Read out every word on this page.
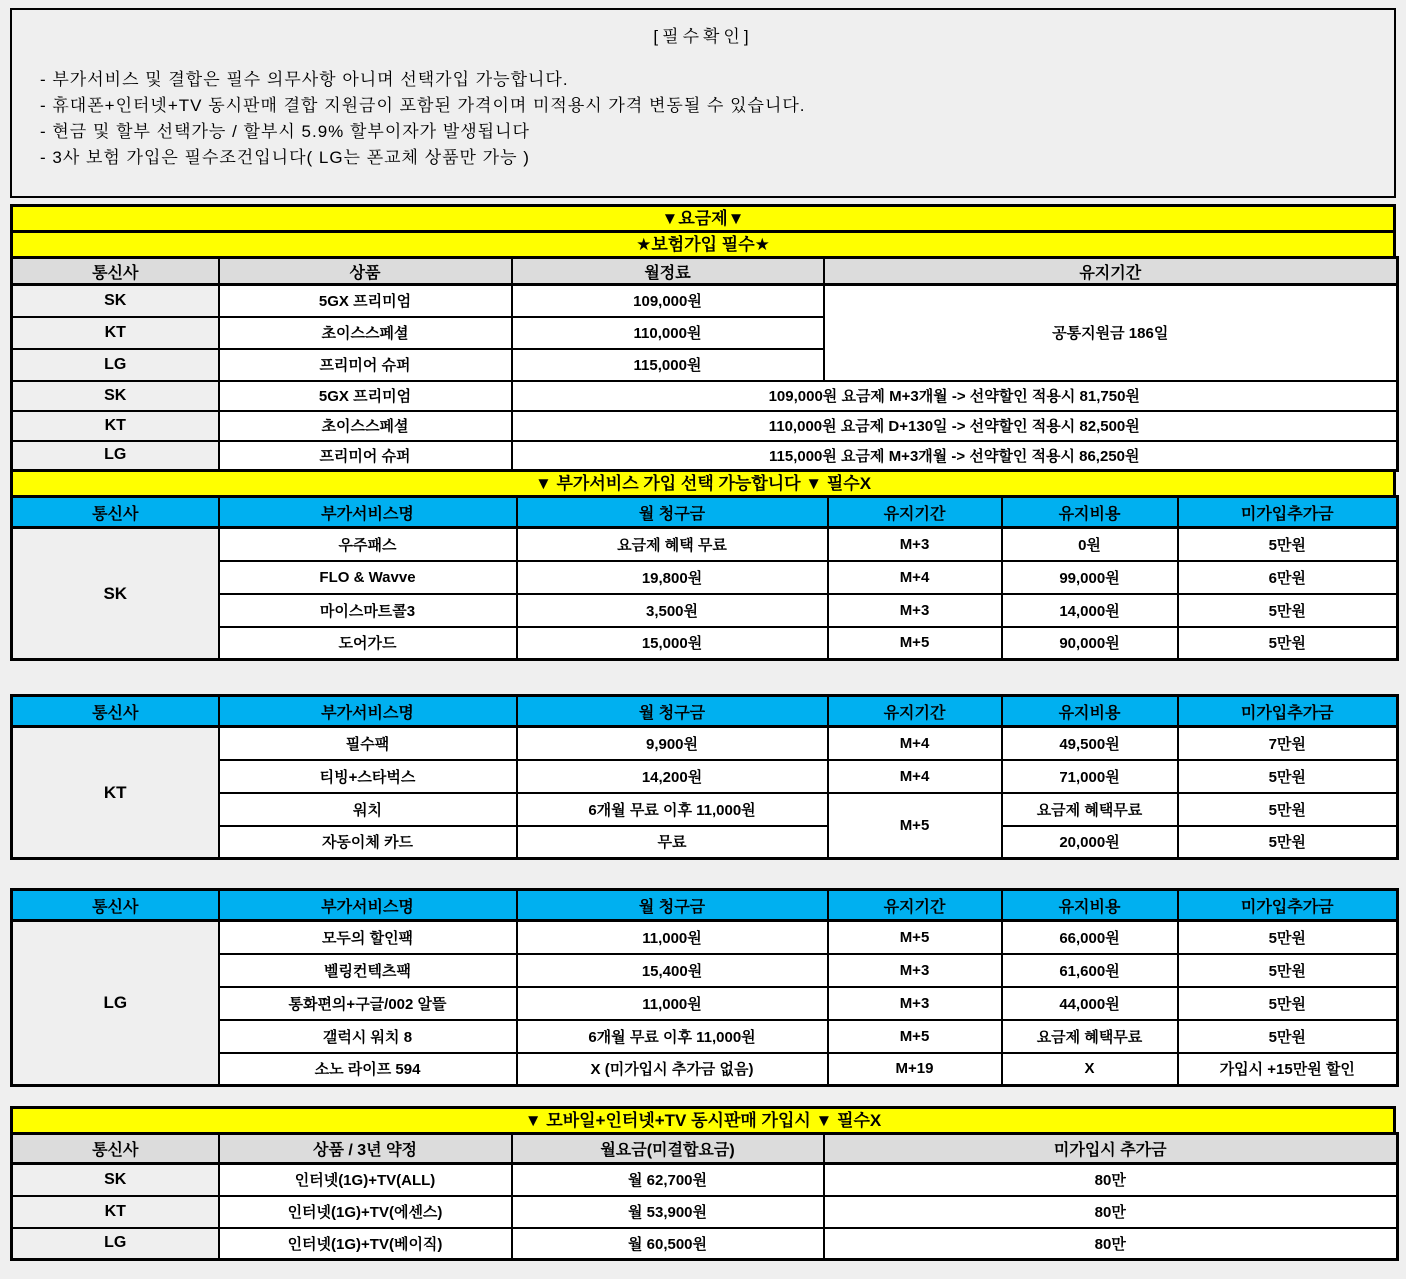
[필수확인]
- 부가서비스 및 결합은 필수 의무사항 아니며 선택가입 가능합니다.
- 휴대폰+인터넷+TV 동시판매 결합 지원금이 포함된 가격이며 미적용시 가격 변동될 수 있습니다.
- 현금 및 할부 선택가능 / 할부시 5.9% 할부이자가 발생됩니다
- 3사 보험 가입은 필수조건입니다( LG는 폰교체 상품만 가능 )
▼요금제▼
★보험가입 필수★
통신사	상품	월정료	유지기간
SK	5GX 프리미엄	109,000원	공통지원금 186일
KT	초이스스페셜	110,000원	
LG	프리미어 슈퍼	115,000원	
SK	5GX 프리미엄	109,000원 요금제 M+3개월 -> 선약할인 적용시 81,750원	
KT	초이스스페셜	110,000원 요금제 D+130일 -> 선약할인 적용시 82,500원	
LG	프리미어 슈퍼	115,000원 요금제 M+3개월 -> 선약할인 적용시 86,250원	
▼ 부가서비스 가입 선택 가능합니다 ▼ 필수X
통신사	부가서비스명	월 청구금	유지기간	유지비용	미가입추가금
SK	우주패스	요금제 혜택 무료	M+3	0원	5만원
	FLO & Wavve	19,800원	M+4	99,000원	6만원
	마이스마트콜3	3,500원	M+3	14,000원	5만원
	도어가드	15,000원	M+5	90,000원	5만원
통신사	부가서비스명	월 청구금	유지기간	유지비용	미가입추가금
KT	필수팩	9,900원	M+4	49,500원	7만원
	티빙+스타벅스	14,200원	M+4	71,000원	5만원
	워치	6개월 무료 이후 11,000원	M+5	요금제 혜택무료	5만원
	자동이체 카드	무료		20,000원	5만원
통신사	부가서비스명	월 청구금	유지기간	유지비용	미가입추가금
LG	모두의 할인팩	11,000원	M+5	66,000원	5만원
	벨링컨텍츠팩	15,400원	M+3	61,600원	5만원
	통화편의+구글/002 알뜰	11,000원	M+3	44,000원	5만원
	갤럭시 워치 8	6개월 무료 이후 11,000원	M+5	요금제 혜택무료	5만원
	소노 라이프 594	X (미가입시 추가금 없음)	M+19	X	가입시 +15만원 할인
▼ 모바일+인터넷+TV 동시판매 가입시 ▼ 필수X
통신사	상품 / 3년 약정	월요금(미결합요금)	미가입시 추가금
SK	인터넷(1G)+TV(ALL)	월 62,700원	80만
KT	인터넷(1G)+TV(에센스)	월 53,900원	80만
LG	인터넷(1G)+TV(베이직)	월 60,500원	80만
